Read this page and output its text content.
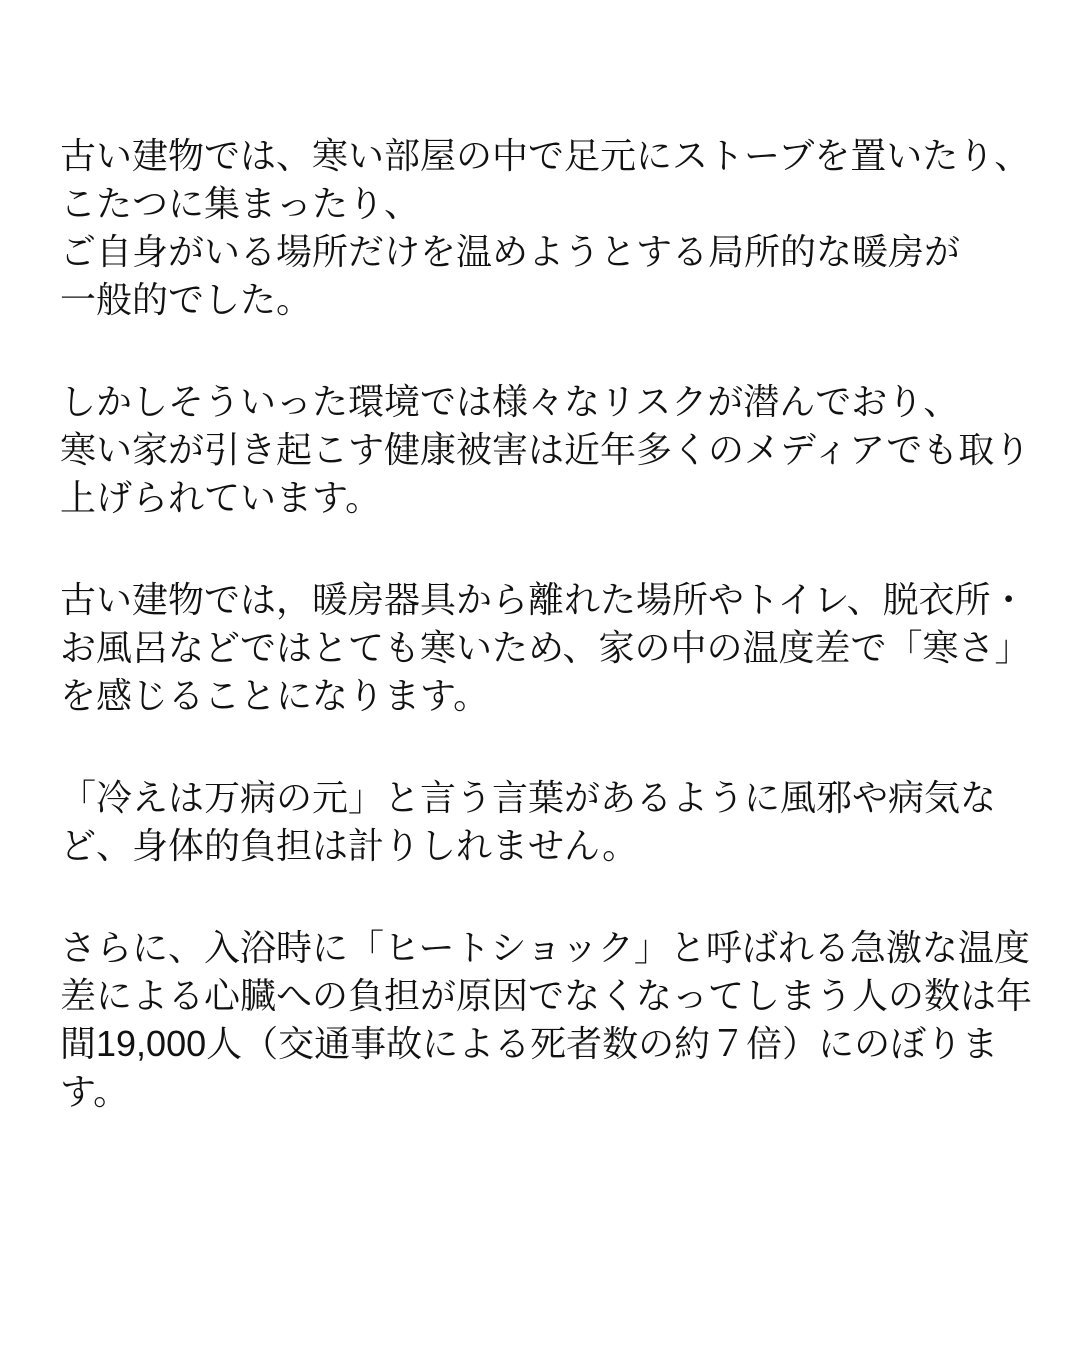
古い建物では、寒い部屋の中で足元にストーブを置いたり、
こたつに集まったり、
ご自身がいる場所だけを温めようとする局所的な暖房が
一般的でした。
しかしそういった環境では様々なリスクが潜んでおり、
寒い家が引き起こす健康被害は近年多くのメディアでも取り
上げられています。
古い建物では，暖房器具から離れた場所やトイレ、脱衣所・
お風呂などではとても寒いため、家の中の温度差で「寒さ」
を感じることになります。
「冷えは万病の元」と言う言葉があるように風邪や病気な
ど、身体的負担は計りしれません。
さらに、入浴時に「ヒートショック」と呼ばれる急激な温度
差による心臓への負担が原因でなくなってしまう人の数は年
間19,000人（交通事故による死者数の約７倍）にのぼりま
す。
